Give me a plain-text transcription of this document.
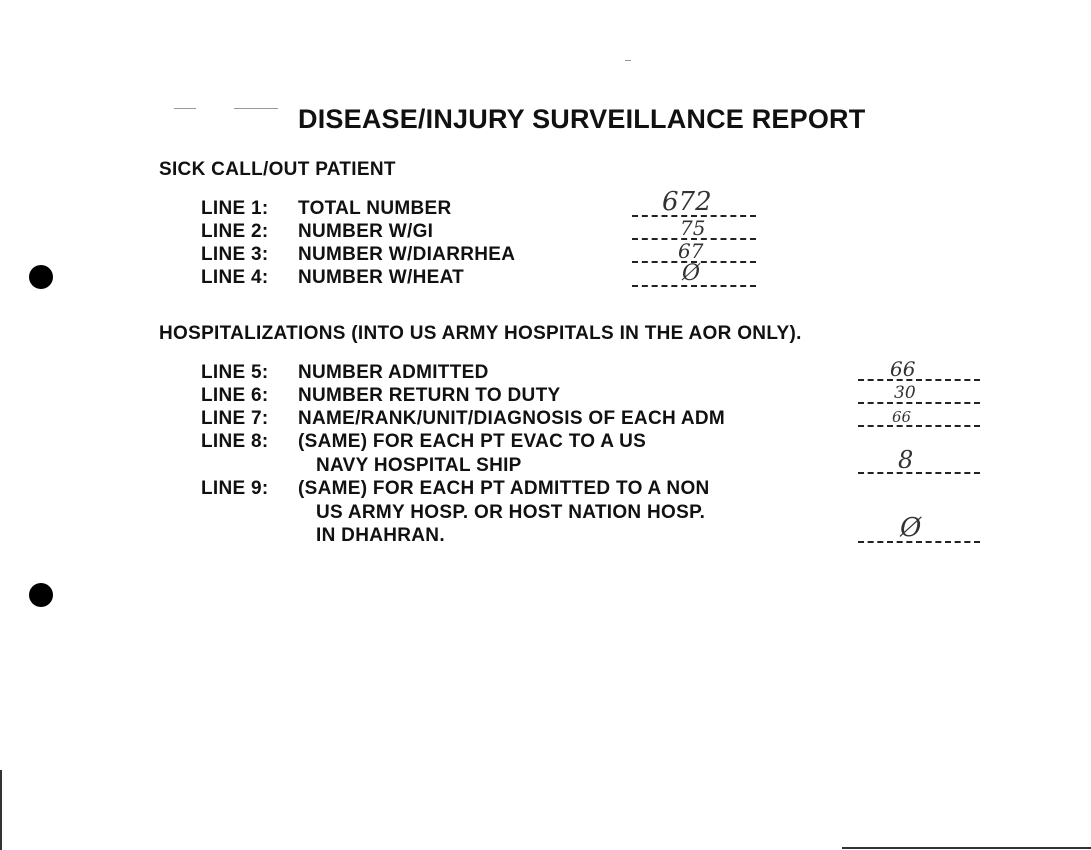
DISEASE/INJURY SURVEILLANCE REPORT
SICK CALL/OUT PATIENT
LINE 1: TOTAL NUMBER	672
LINE 2: NUMBER W/GI	75
LINE 3: NUMBER W/DIARRHEA	67
LINE 4: NUMBER W/HEAT	Ø
HOSPITALIZATIONS (INTO US ARMY HOSPITALS IN THE AOR ONLY).
LINE 5: NUMBER ADMITTED	66
LINE 6: NUMBER RETURN TO DUTY	30
LINE 7: NAME/RANK/UNIT/DIAGNOSIS OF EACH ADM	66
LINE 8: (SAME) FOR EACH PT EVAC TO A US
NAVY HOSPITAL SHIP	8
LINE 9: (SAME) FOR EACH PT ADMITTED TO A NON
US ARMY HOSP. OR HOST NATION HOSP.
IN DHAHRAN.	Ø
